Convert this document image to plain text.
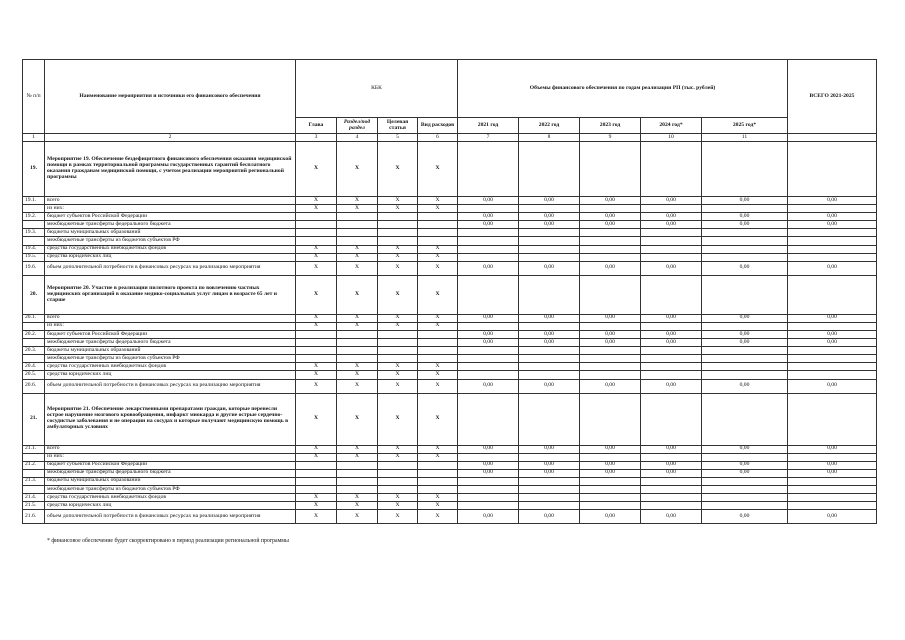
№ п/п	Наименование мероприятия и источники его финансового обеспечения	КБК				Объемы финансового обеспечения по годам реализации РП (тыс. рублей)					ВСЕГО 2021-2025
		Глава	Раздел/под раздел	Целевая статья	Вид расходов	2021 год	2022 год	2023 год	2024 год*	2025 год*	
1	2	3	4	5	6	7	8	9	10	11	
19.	Мероприятие 19. Обеспечение бездефицитного финансового обеспечения оказания медицинской помощи в рамках территориальной программы государственных гарантий бесплатного оказания гражданам медицинской помощи, с учетом реализации мероприятий региональной программы	X	X	X	X						
19.1.	всего	X	X	X	X	0,00	0,00	0,00	0,00	0,00	0,00
	из них:	X	X	X	X						
19.2.	бюджет субъектов Российской Федерации					0,00	0,00	0,00	0,00	0,00	0,00
	межбюджетные трансферты федерального бюджета					0,00	0,00	0,00	0,00	0,00	0,00
19.3.	бюджеты муниципальных образований										
	межбюджетные трансферты из бюджетов субъектов РФ										
19.4.	средства государственных внебюджетных фондов	X	X	X	X						
19.5.	средства юридических лиц	X	X	X	X						
19.6.	объем дополнительной потребности в финансовых ресурсах на реализацию мероприятия	X	X	X	X	0,00	0,00	0,00	0,00	0,00	0,00
20.	Мероприятие 20. Участие в реализации пилотного проекта по вовлечению частных медицинских организаций в оказание медико-социальных услуг лицам в возрасте 65 лет и старше	X	X	X	X						
20.1.	всего	X	X	X	X	0,00	0,00	0,00	0,00	0,00	0,00
	из них:	X	X	X	X						
20.2.	бюджет субъектов Российской Федерации					0,00	0,00	0,00	0,00	0,00	0,00
	межбюджетные трансферты федерального бюджета					0,00	0,00	0,00	0,00	0,00	0,00
20.3.	бюджеты муниципальных образований										
	межбюджетные трансферты из бюджетов субъектов РФ										
20.4.	средства государственных внебюджетных фондов	X	X	X	X						
20.5.	средства юридических лиц	X	X	X	X						
20.6.	объем дополнительной потребности в финансовых ресурсах на реализацию мероприятия	X	X	X	X	0,00	0,00	0,00	0,00	0,00	0,00
21.	Мероприятие 21. Обеспечение лекарственными препаратами граждан, которые перенесли острое нарушение мозгового кровообращения, инфаркт миокарда и другие острые сердечно-сосудистые заболевания и не операции на сосудах и которые получают медицинскую помощь в амбулаторных условиях	X	X	X	X						
21.1.	всего	X	X	X	X	0,00	0,00	0,00	0,00	0,00	0,00
	из них:	X	X	X	X						
21.2.	бюджет субъектов Российской Федерации					0,00	0,00	0,00	0,00	0,00	0,00
	межбюджетные трансферты федерального бюджета					0,00	0,00	0,00	0,00	0,00	0,00
21.3.	бюджеты муниципальных образований										
	межбюджетные трансферты из бюджетов субъектов РФ										
21.4.	средства государственных внебюджетных фондов	X	X	X	X						
21.5.	средства юридических лиц	X	X	X	X						
21.6.	объем дополнительной потребности в финансовых ресурсах на реализацию мероприятия	X	X	X	X	0,00	0,00	0,00	0,00	0,00	0,00
* финансовое обеспечение будет скорректировано в период реализации региональной программы
